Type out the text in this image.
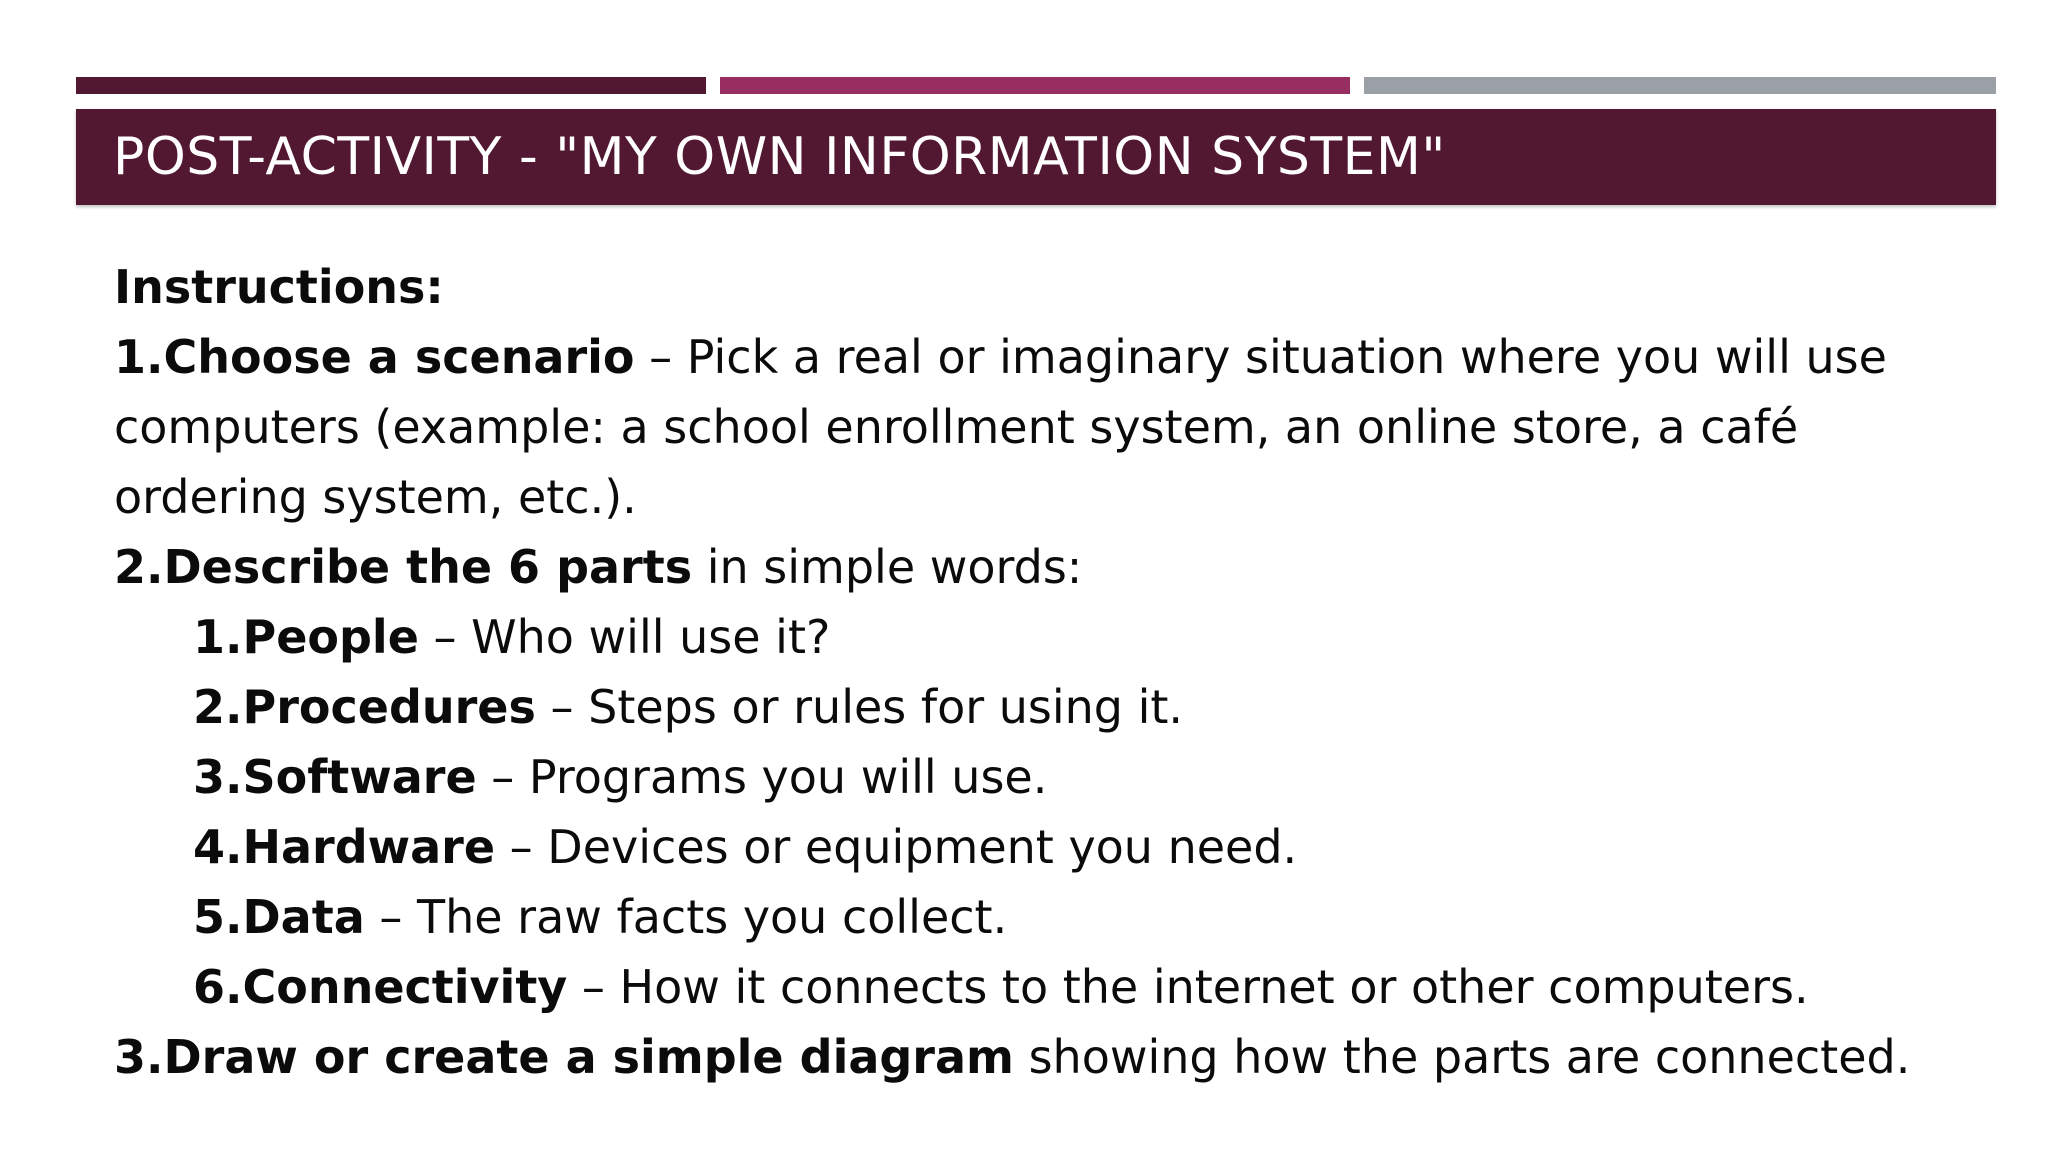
POST-ACTIVITY - "MY OWN INFORMATION SYSTEM"
Instructions:
1.Choose a scenario – Pick a real or imaginary situation where you will use
computers (example: a school enrollment system, an online store, a café
ordering system, etc.).
2.Describe the 6 parts in simple words:
1.People – Who will use it?
2.Procedures – Steps or rules for using it.
3.Software – Programs you will use.
4.Hardware – Devices or equipment you need.
5.Data – The raw facts you collect.
6.Connectivity – How it connects to the internet or other computers.
3.Draw or create a simple diagram showing how the parts are connected.
